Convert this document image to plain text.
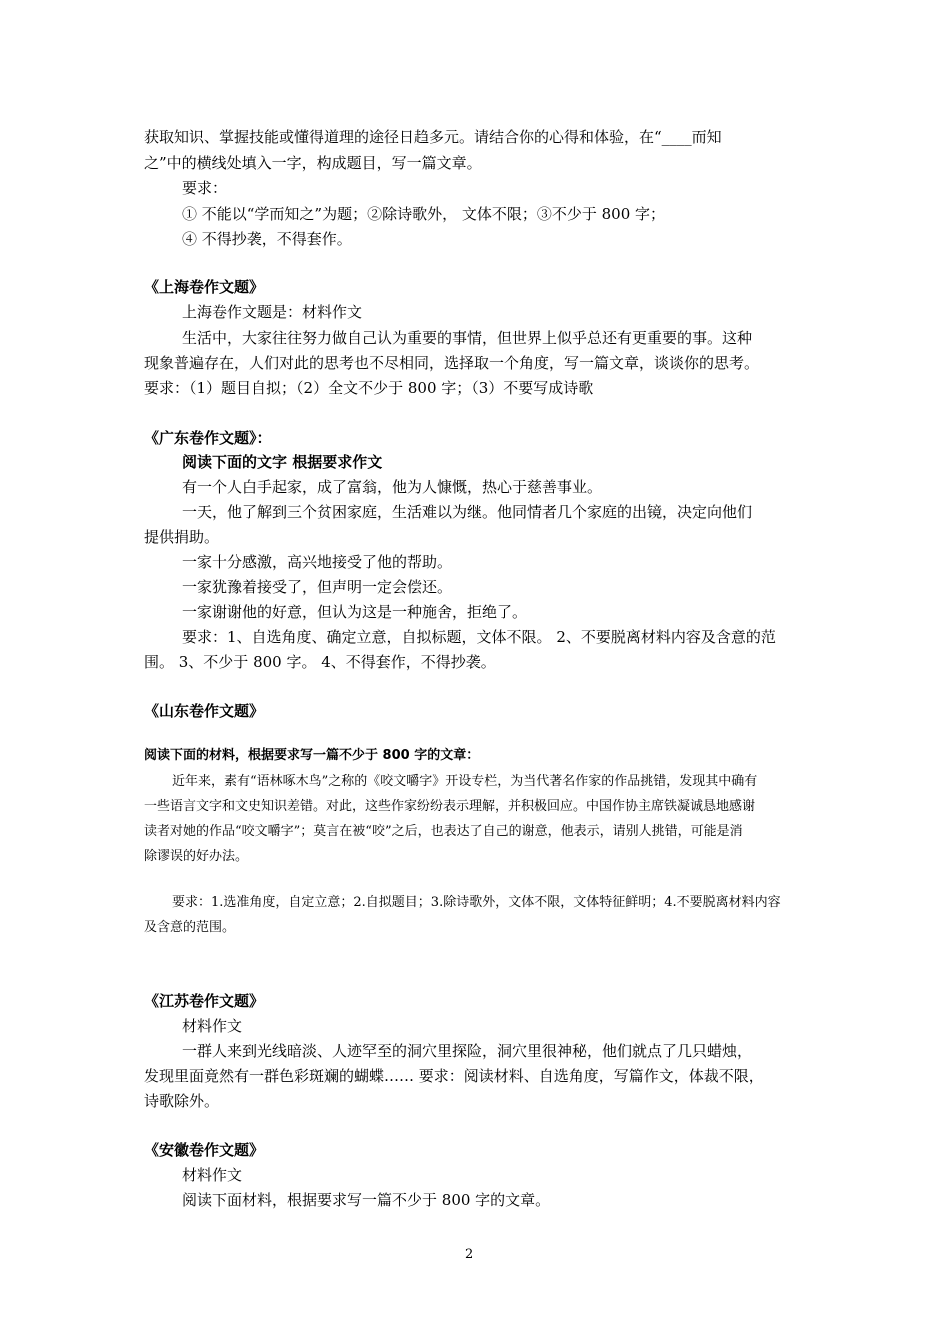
获取知识、掌握技能或懂得道理的途径日趋多元。请结合你的心得和体验，在“____而知
之”中的横线处填入一字，构成题目，写一篇文章。
要求：
① 不能以“学而知之”为题；②除诗歌外， 文体不限；③不少于 800 字；
④ 不得抄袭，不得套作。
《上海卷作文题》
上海卷作文题是：材料作文
生活中，大家往往努力做自己认为重要的事情，但世界上似乎总还有更重要的事。这种
现象普遍存在，人们对此的思考也不尽相同，选择取一个角度，写一篇文章，谈谈你的思考。
要求：（1）题目自拟；（2）全文不少于 800 字；（3）不要写成诗歌
《广东卷作文题》：
阅读下面的文字 根据要求作文
有一个人白手起家，成了富翁，他为人慷慨，热心于慈善事业。
一天，他了解到三个贫困家庭，生活难以为继。他同情者几个家庭的出镜，决定向他们
提供捐助。
一家十分感激，高兴地接受了他的帮助。
一家犹豫着接受了，但声明一定会偿还。
一家谢谢他的好意，但认为这是一种施舍，拒绝了。
要求：1、自选角度、确定立意，自拟标题，文体不限。 2、不要脱离材料内容及含意的范
围。 3、不少于 800 字。 4、不得套作，不得抄袭。
《山东卷作文题》
阅读下面的材料，根据要求写一篇不少于 800 字的文章：
近年来，素有“语林啄木鸟”之称的《咬文嚼字》开设专栏，为当代著名作家的作品挑错，发现其中确有
一些语言文字和文史知识差错。对此，这些作家纷纷表示理解，并积极回应。中国作协主席铁凝诚恳地感谢
读者对她的作品“咬文嚼字”；莫言在被“咬”之后，也表达了自己的谢意，他表示，请别人挑错，可能是消
除谬误的好办法。
要求：1.选准角度，自定立意；2.自拟题目；3.除诗歌外，文体不限，文体特征鲜明；4.不要脱离材料内容
及含意的范围。
《江苏卷作文题》
材料作文
一群人来到光线暗淡、人迹罕至的洞穴里探险，洞穴里很神秘，他们就点了几只蜡烛，
发现里面竟然有一群色彩斑斓的蝴蝶…… 要求：阅读材料、自选角度，写篇作文，体裁不限，
诗歌除外。
《安徽卷作文题》
材料作文
阅读下面材料，根据要求写一篇不少于 800 字的文章。
2
